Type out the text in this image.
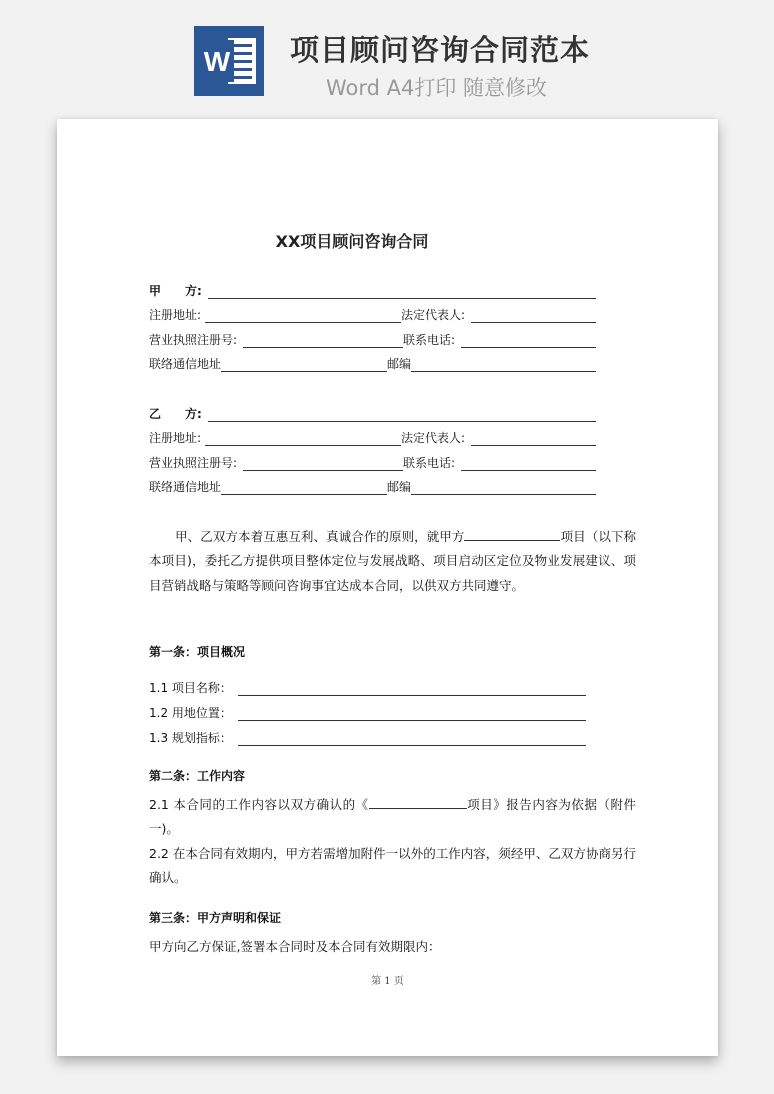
W 项目顾问咨询合同范本
Word A4打印 随意修改

XX项目顾问咨询合同
甲　　方:
注册地址:	法定代表人:
营业执照注册号:	联系电话:
联络通信地址	邮编
乙　　方:
注册地址:	法定代表人:
营业执照注册号:	联系电话:
联络通信地址	邮编
甲、乙双方本着互惠互利、真诚合作的原则，就甲方	项目（以下称本项目)，委托乙方提供项目整体定位与发展战略、项目启动区定位及物业发展建议、项目营销战略与策略等顾问咨询事宜达成本合同，以供双方共同遵守。
第一条：项目概况
1.1 项目名称：
1.2 用地位置：
1.3 规划指标：
第二条：工作内容
2.1 本合同的工作内容以双方确认的《	项目》报告内容为依据（附件一)。
2.2 在本合同有效期内，甲方若需增加附件一以外的工作内容，须经甲、乙双方协商另行确认。
第三条：甲方声明和保证
甲方向乙方保证,签署本合同时及本合同有效期限内：
第 1 页
